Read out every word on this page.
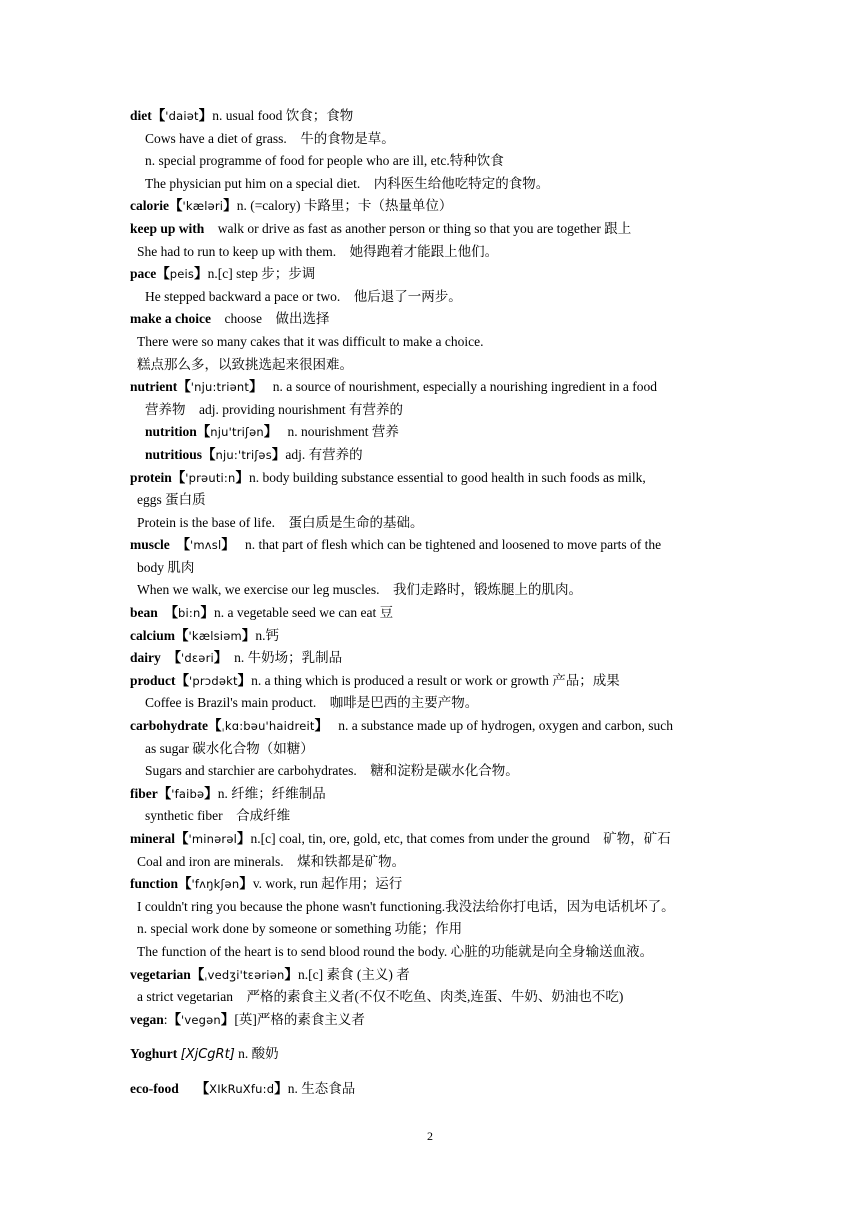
diet【'daiət】n. usual food 饮食；食物
Cows have a diet of grass.　牛的食物是草。
n. special programme of food for people who are ill, etc.特种饮食
The physician put him on a special diet.　内科医生给他吃特定的食物。
calorie【'kæləri】n. (=calory) 卡路里；卡（热量单位）
keep up with walk or drive as fast as another person or thing so that you are together 跟上
She had to run to keep up with them.　她得跑着才能跟上他们。
pace【peis】n.[c] step 步；步调
He stepped backward a pace or two.　他后退了一两步。
make a choice choose　做出选择
There were so many cakes that it was difficult to make a choice.
糕点那么多，以致挑选起来很困难。
nutrient【'nju:triənt】 n. a source of nourishment, especially a nourishing ingredient in a food
营养物　adj. providing nourishment 有营养的
nutrition【nju'triʃən】 n. nourishment 营养
nutritious【nju:'triʃəs】adj. 有营养的
protein【'prəuti:n】n. body building substance essential to good health in such foods as milk,
eggs 蛋白质
Protein is the base of life.　蛋白质是生命的基础。
muscle 【'mʌsl】 n. that part of flesh which can be tightened and loosened to move parts of the
body 肌肉
When we walk, we exercise our leg muscles.　我们走路时，锻炼腿上的肌肉。
bean 【bi:n】n. a vegetable seed we can eat 豆
calcium【'kælsiəm】n.钙
dairy 【'dɛəri】 n. 牛奶场；乳制品
product【'prɔdəkt】n. a thing which is produced a result or work or growth 产品；成果
Coffee is Brazil's main product.　咖啡是巴西的主要产物。
carbohydrate【ˌkɑ:bəu'haidreit】 n. a substance made up of hydrogen, oxygen and carbon, such
as sugar 碳水化合物（如糖）
Sugars and starchier are carbohydrates.　糖和淀粉是碳水化合物。
fiber【'faibə】n. 纤维；纤维制品
synthetic fiber　合成纤维
mineral【'minərəl】n.[c] coal, tin, ore, gold, etc, that comes from under the ground　矿物，矿石
Coal and iron are minerals.　煤和铁都是矿物。
function【'fʌŋkʃən】v. work, run 起作用；运行
I couldn't ring you because the phone wasn't functioning.我没法给你打电话，因为电话机坏了。
n. special work done by someone or something 功能；作用
The function of the heart is to send blood round the body. 心脏的功能就是向全身输送血液。
vegetarian【ˌvedʒi'tɛəriən】n.[c] 素食 (主义) 者
a strict vegetarian　严格的素食主义者(不仅不吃鱼、肉类,连蛋、牛奶、奶油也不吃)
vegan:【'vegən】[英]严格的素食主义者
Yoghurt [XjCgRt] n. 酸奶
eco-food 【XIkRuXfu:d】n. 生态食品
2
